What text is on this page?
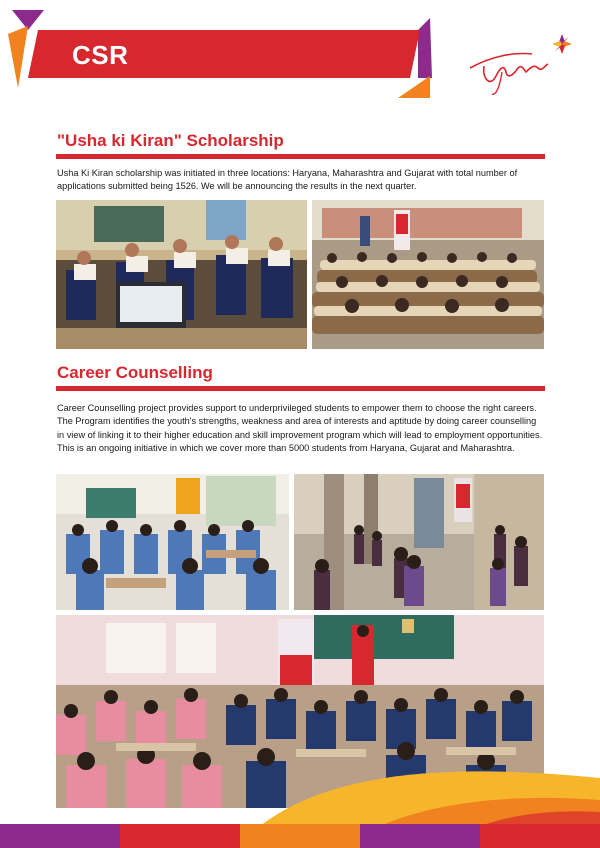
CSR
"Usha ki Kiran" Scholarship
Usha Ki Kiran scholarship was initiated in three locations: Haryana, Maharashtra and Gujarat with total number of applications submitted being 1526. We will be announcing the results in the next quarter.
Career Counselling
Career Counselling project provides support to underprivileged students to empower them to choose the right careers. The Program identifies the youth's strengths, weakness and area of interests and aptitude by doing career counselling in view of linking it to their higher education and skill improvement program which will lead to employment opportunities. This is an ongoing initiative in which we cover more than 5000 students from Haryana, Gujarat and Maharashtra.
